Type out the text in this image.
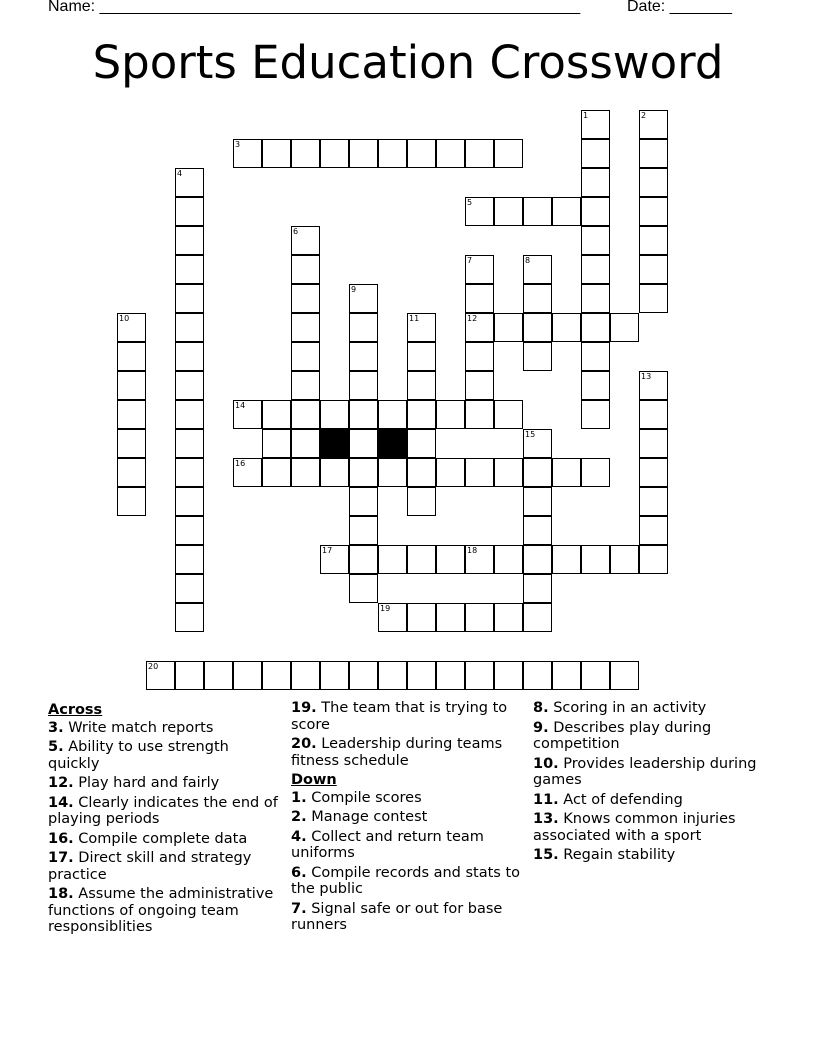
Name: ______________________________________________________	Date: _______
Sports Education Crossword
1	2
3
4
5
6
7	8
9
10	11	12
13
14
15
16
17	18
19
20
Across
3. Write match reports
5. Ability to use strength quickly
12. Play hard and fairly
14. Clearly indicates the end of playing periods
16. Compile complete data
17. Direct skill and strategy practice
18. Assume the administrative functions of ongoing team responsiblities
19. The team that is trying to score
20. Leadership during teams fitness schedule
Down
1. Compile scores
2. Manage contest
4. Collect and return team uniforms
6. Compile records and stats to the public
7. Signal safe or out for base runners
8. Scoring in an activity
9. Describes play during competition
10. Provides leadership during games
11. Act of defending
13. Knows common injuries associated with a sport
15. Regain stability
